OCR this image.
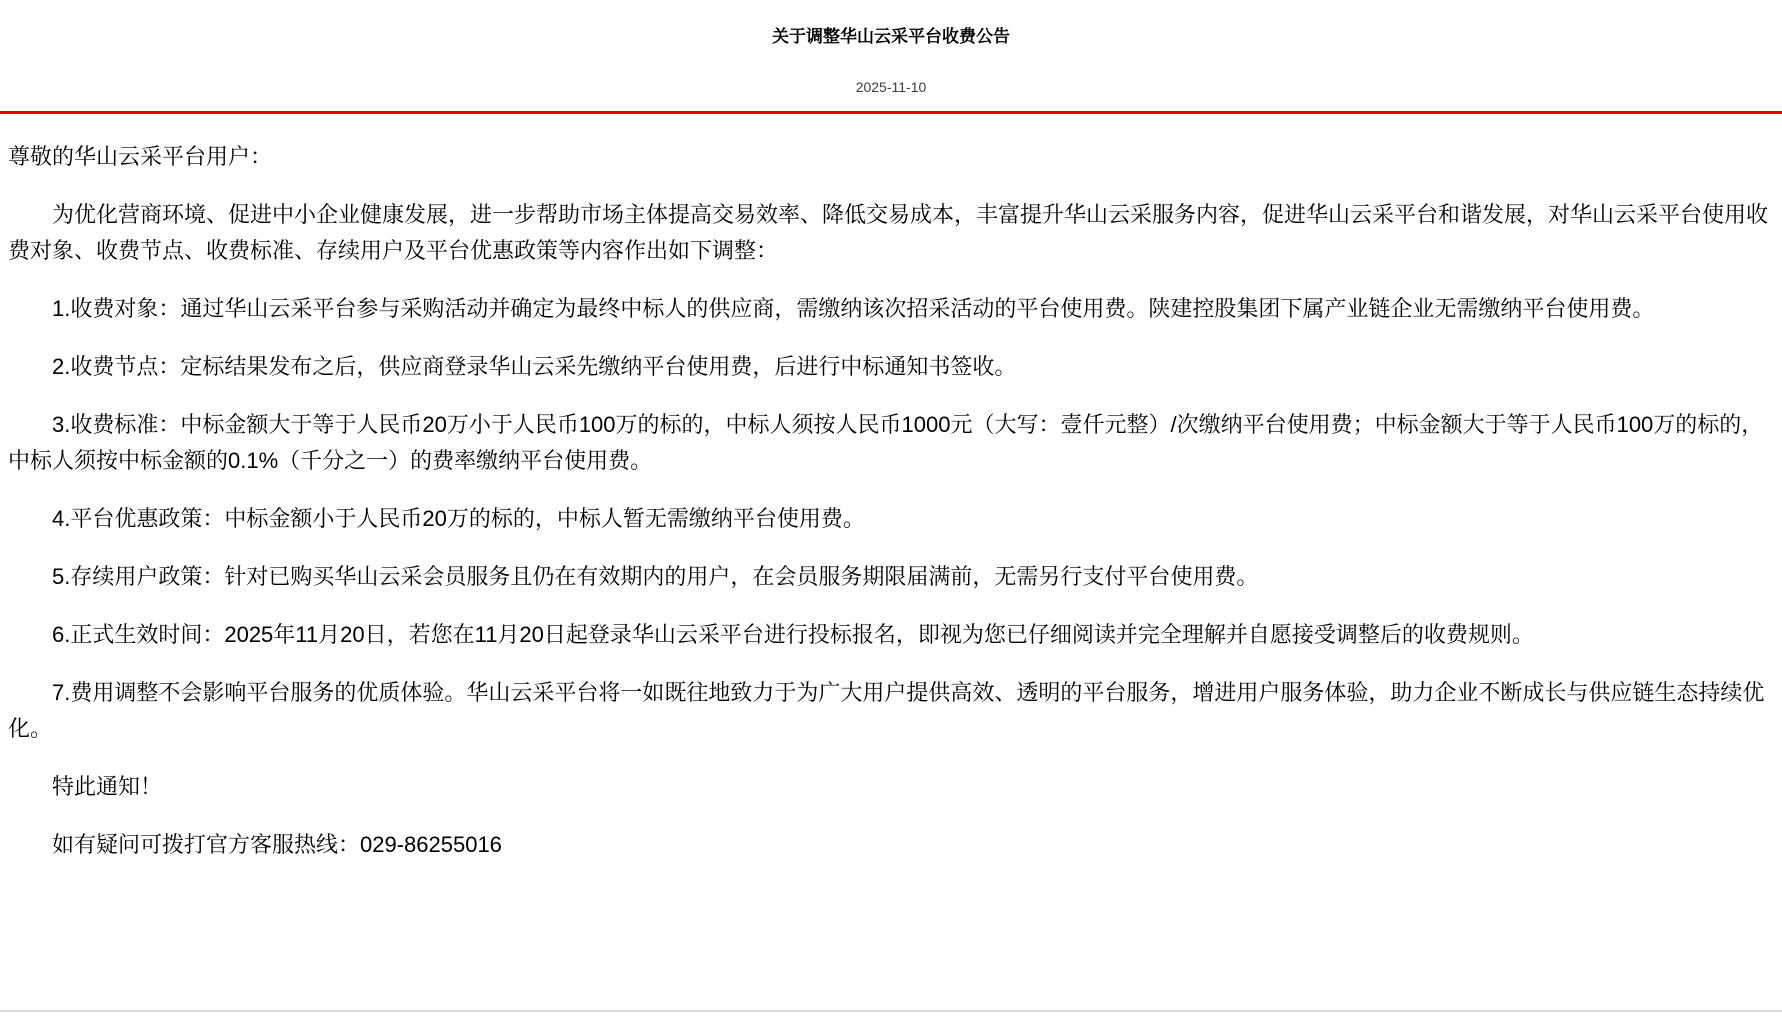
关于调整华山云采平台收费公告
2025-11-10

尊敬的华山云采平台用户：

为优化营商环境、促进中小企业健康发展，进一步帮助市场主体提高交易效率、降低交易成本，丰富提升华山云采服务内容，促进华山云采平台和谐发展，对华山云采平台使用收费对象、收费节点、收费标准、存续用户及平台优惠政策等内容作出如下调整：

1.收费对象：通过华山云采平台参与采购活动并确定为最终中标人的供应商，需缴纳该次招采活动的平台使用费。陕建控股集团下属产业链企业无需缴纳平台使用费。

2.收费节点：定标结果发布之后，供应商登录华山云采先缴纳平台使用费，后进行中标通知书签收。

3.收费标准：中标金额大于等于人民币20万小于人民币100万的标的，中标人须按人民币1000元（大写：壹仟元整）/次缴纳平台使用费；中标金额大于等于人民币100万的标的，中标人须按中标金额的0.1%（千分之一）的费率缴纳平台使用费。

4.平台优惠政策：中标金额小于人民币20万的标的，中标人暂无需缴纳平台使用费。

5.存续用户政策：针对已购买华山云采会员服务且仍在有效期内的用户，在会员服务期限届满前，无需另行支付平台使用费。

6.正式生效时间：2025年11月20日，若您在11月20日起登录华山云采平台进行投标报名，即视为您已仔细阅读并完全理解并自愿接受调整后的收费规则。

7.费用调整不会影响平台服务的优质体验。华山云采平台将一如既往地致力于为广大用户提供高效、透明的平台服务，增进用户服务体验，助力企业不断成长与供应链生态持续优化。

特此通知！

如有疑问可拨打官方客服热线：029-86255016
